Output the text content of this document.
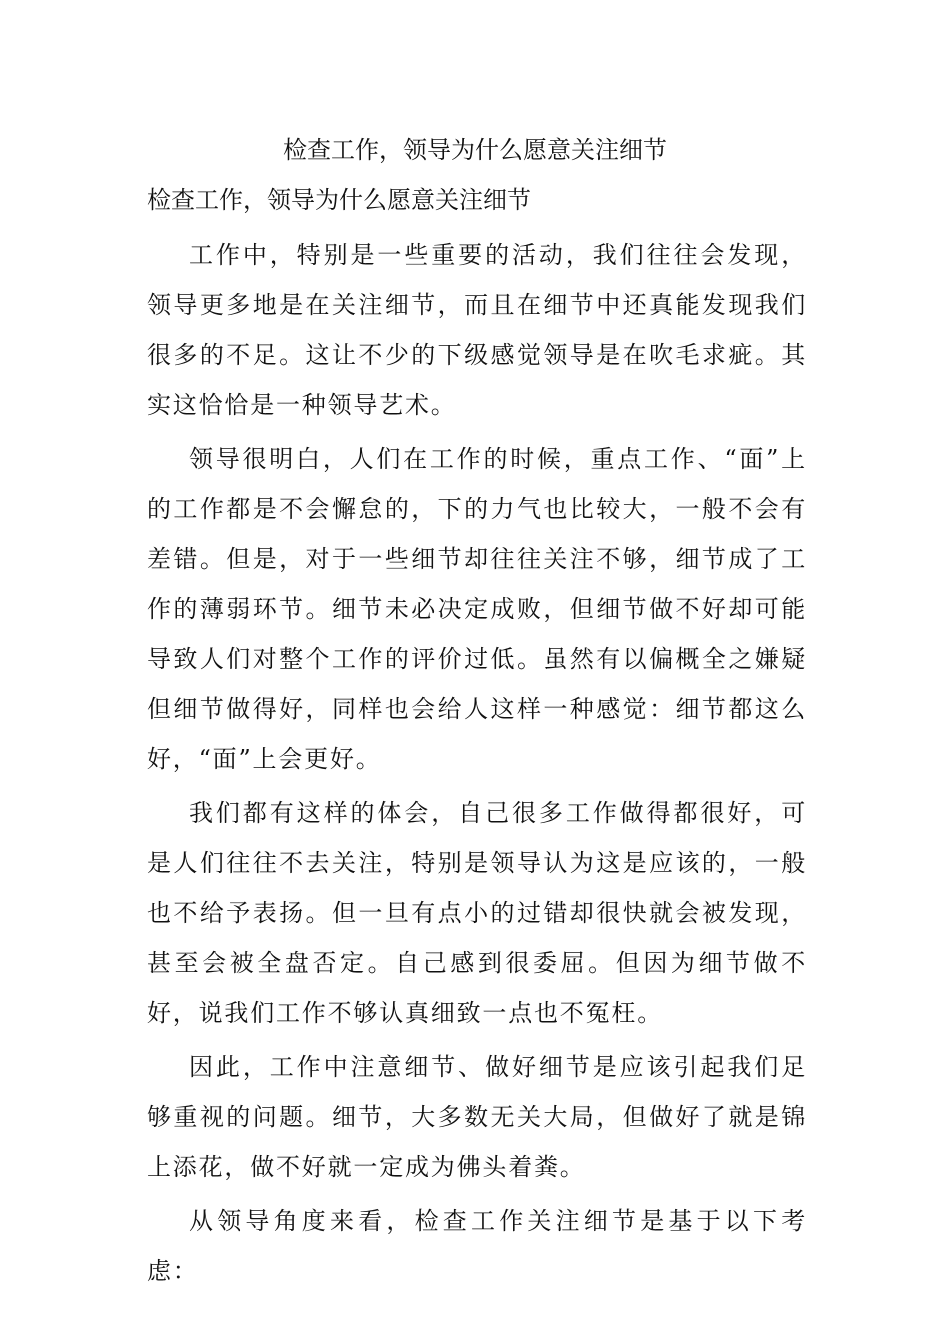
检查工作，领导为什么愿意关注细节
检查工作，领导为什么愿意关注细节

工作中，特别是一些重要的活动，我们往往会发现，领导更多地是在关注细节，而且在细节中还真能发现我们很多的不足。这让不少的下级感觉领导是在吹毛求疵。其实这恰恰是一种领导艺术。

领导很明白，人们在工作的时候，重点工作、“面”上的工作都是不会懈怠的，下的力气也比较大，一般不会有差错。但是，对于一些细节却往往关注不够，细节成了工作的薄弱环节。细节未必决定成败，但细节做不好却可能导致人们对整个工作的评价过低。虽然有以偏概全之嫌疑但细节做得好，同样也会给人这样一种感觉：细节都这么好，“面”上会更好。

我们都有这样的体会，自己很多工作做得都很好，可是人们往往不去关注，特别是领导认为这是应该的，一般也不给予表扬。但一旦有点小的过错却很快就会被发现，甚至会被全盘否定。自己感到很委屈。但因为细节做不好，说我们工作不够认真细致一点也不冤枉。

因此，工作中注意细节、做好细节是应该引起我们足够重视的问题。细节，大多数无关大局，但做好了就是锦上添花，做不好就一定成为佛头着粪。

从领导角度来看，检查工作关注细节是基于以下考虑：
